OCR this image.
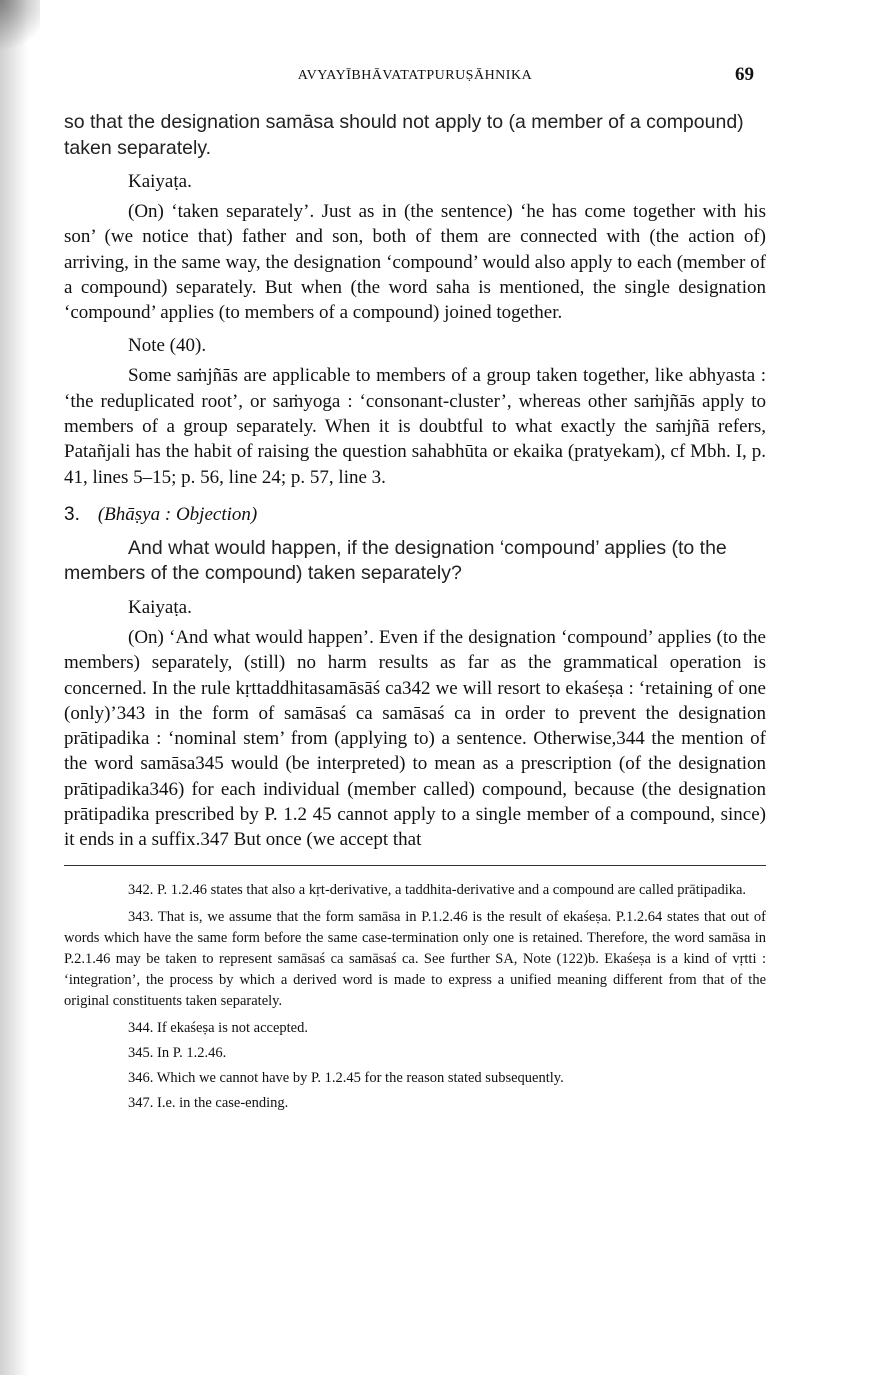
AVYAYĪBHĀVATATPURUṢĀHNIKA	69

so that the designation samāsa should not apply to (a member of a compound) taken separately.

Kaiyaṭa.

(On) ‘taken separately’. Just as in (the sentence) ‘he has come together with his son’ (we notice that) father and son, both of them are connected with (the action of) arriving, in the same way, the designation ‘compound’ would also apply to each (member of a compound) separately. But when (the word saha is mentioned, the single designation ‘compound’ applies (to members of a compound) joined together.

Note (40).

Some saṁjñās are applicable to members of a group taken together, like abhyasta : ‘the reduplicated root’, or saṁyoga : ‘consonant-cluster’, whereas other saṁjñās apply to members of a group separately. When it is doubtful to what exactly the saṁjñā refers, Patañjali has the habit of raising the question sahabhūta or ekaika (pratyekam), cf Mbh. I, p. 41, lines 5–15; p. 56, line 24; p. 57, line 3.

3. (Bhāṣya : Objection)

And what would happen, if the designation ‘compound’ applies (to the members of the compound) taken separately?

Kaiyaṭa.

(On) ‘And what would happen’. Even if the designation ‘compound’ applies (to the members) separately, (still) no harm results as far as the grammatical operation is concerned. In the rule kṛttaddhitasamāsāś ca342 we will resort to ekaśeṣa : ‘retaining of one (only)’343 in the form of samāsaś ca samāsaś ca in order to prevent the designation prātipadika : ‘nominal stem’ from (applying to) a sentence. Otherwise,344 the mention of the word samāsa345 would (be interpreted) to mean as a prescription (of the designation prātipadika346) for each individual (member called) compound, because (the designation prātipadika prescribed by P. 1.2 45 cannot apply to a single member of a compound, since) it ends in a suffix.347 But once (we accept that

342. P. 1.2.46 states that also a kṛt-derivative, a taddhita-derivative and a compound are called prātipadika.

343. That is, we assume that the form samāsa in P.1.2.46 is the result of ekaśeṣa. P.1.2.64 states that out of words which have the same form before the same case-termination only one is retained. Therefore, the word samāsa in P.2.1.46 may be taken to represent samāsaś ca samāsaś ca. See further SA, Note (122)b. Ekaśeṣa is a kind of vṛtti : ‘integration’, the process by which a derived word is made to express a unified meaning different from that of the original constituents taken separately.

344. If ekaśeṣa is not accepted.

345. In P. 1.2.46.

346. Which we cannot have by P. 1.2.45 for the reason stated subsequently.

347. I.e. in the case-ending.
